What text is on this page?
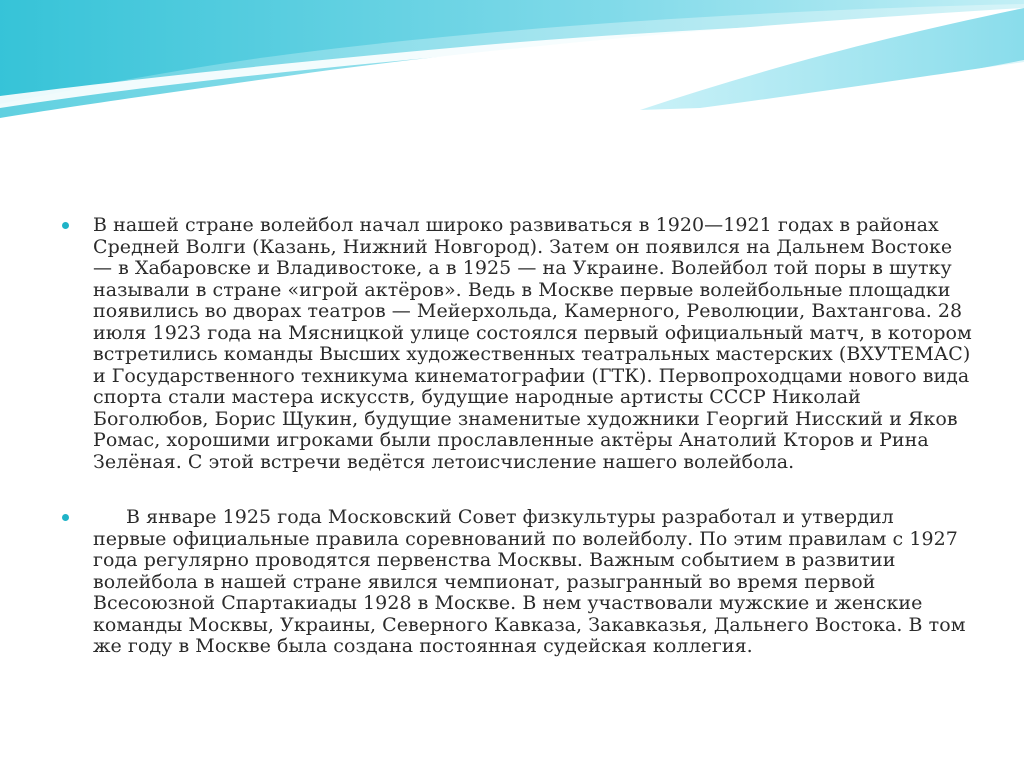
В нашей стране волейбол начал широко развиваться в 1920—1921 годах в районах Средней Волги (Казань, Нижний Новгород). Затем он появился на Дальнем Востоке — в Хабаровске и Владивостоке, а в 1925 — на Украине. Волейбол той поры в шутку называли в стране «игрой актёров». Ведь в Москве первые волейбольные площадки появились во дворах театров — Мейерхольда, Камерного, Революции, Вахтангова. 28 июля 1923 года на Мясницкой улице состоялся первый официальный матч, в котором встретились команды Высших художественных театральных мастерских (ВХУТЕМАС) и Государственного техникума кинематографии (ГТК). Первопроходцами нового вида спорта стали мастера искусств, будущие народные артисты СССР Николай Боголюбов, Борис Щукин, будущие знаменитые художники Георгий Нисский и Яков Ромас, хорошими игроками были прославленные актёры Анатолий Кторов и Рина Зелёная. С этой встречи ведётся летоисчисление нашего волейбола.
В январе 1925 года Московский Совет физкультуры разработал и утвердил первые официальные правила соревнований по волейболу. По этим правилам с 1927 года регулярно проводятся первенства Москвы. Важным событием в развитии волейбола в нашей стране явился чемпионат, разыгранный во время первой Всесоюзной Спартакиады 1928 в Москве. В нем участвовали мужские и женские команды Москвы, Украины, Северного Кавказа, Закавказья, Дальнего Востока. В том же году в Москве была создана постоянная судейская коллегия.
